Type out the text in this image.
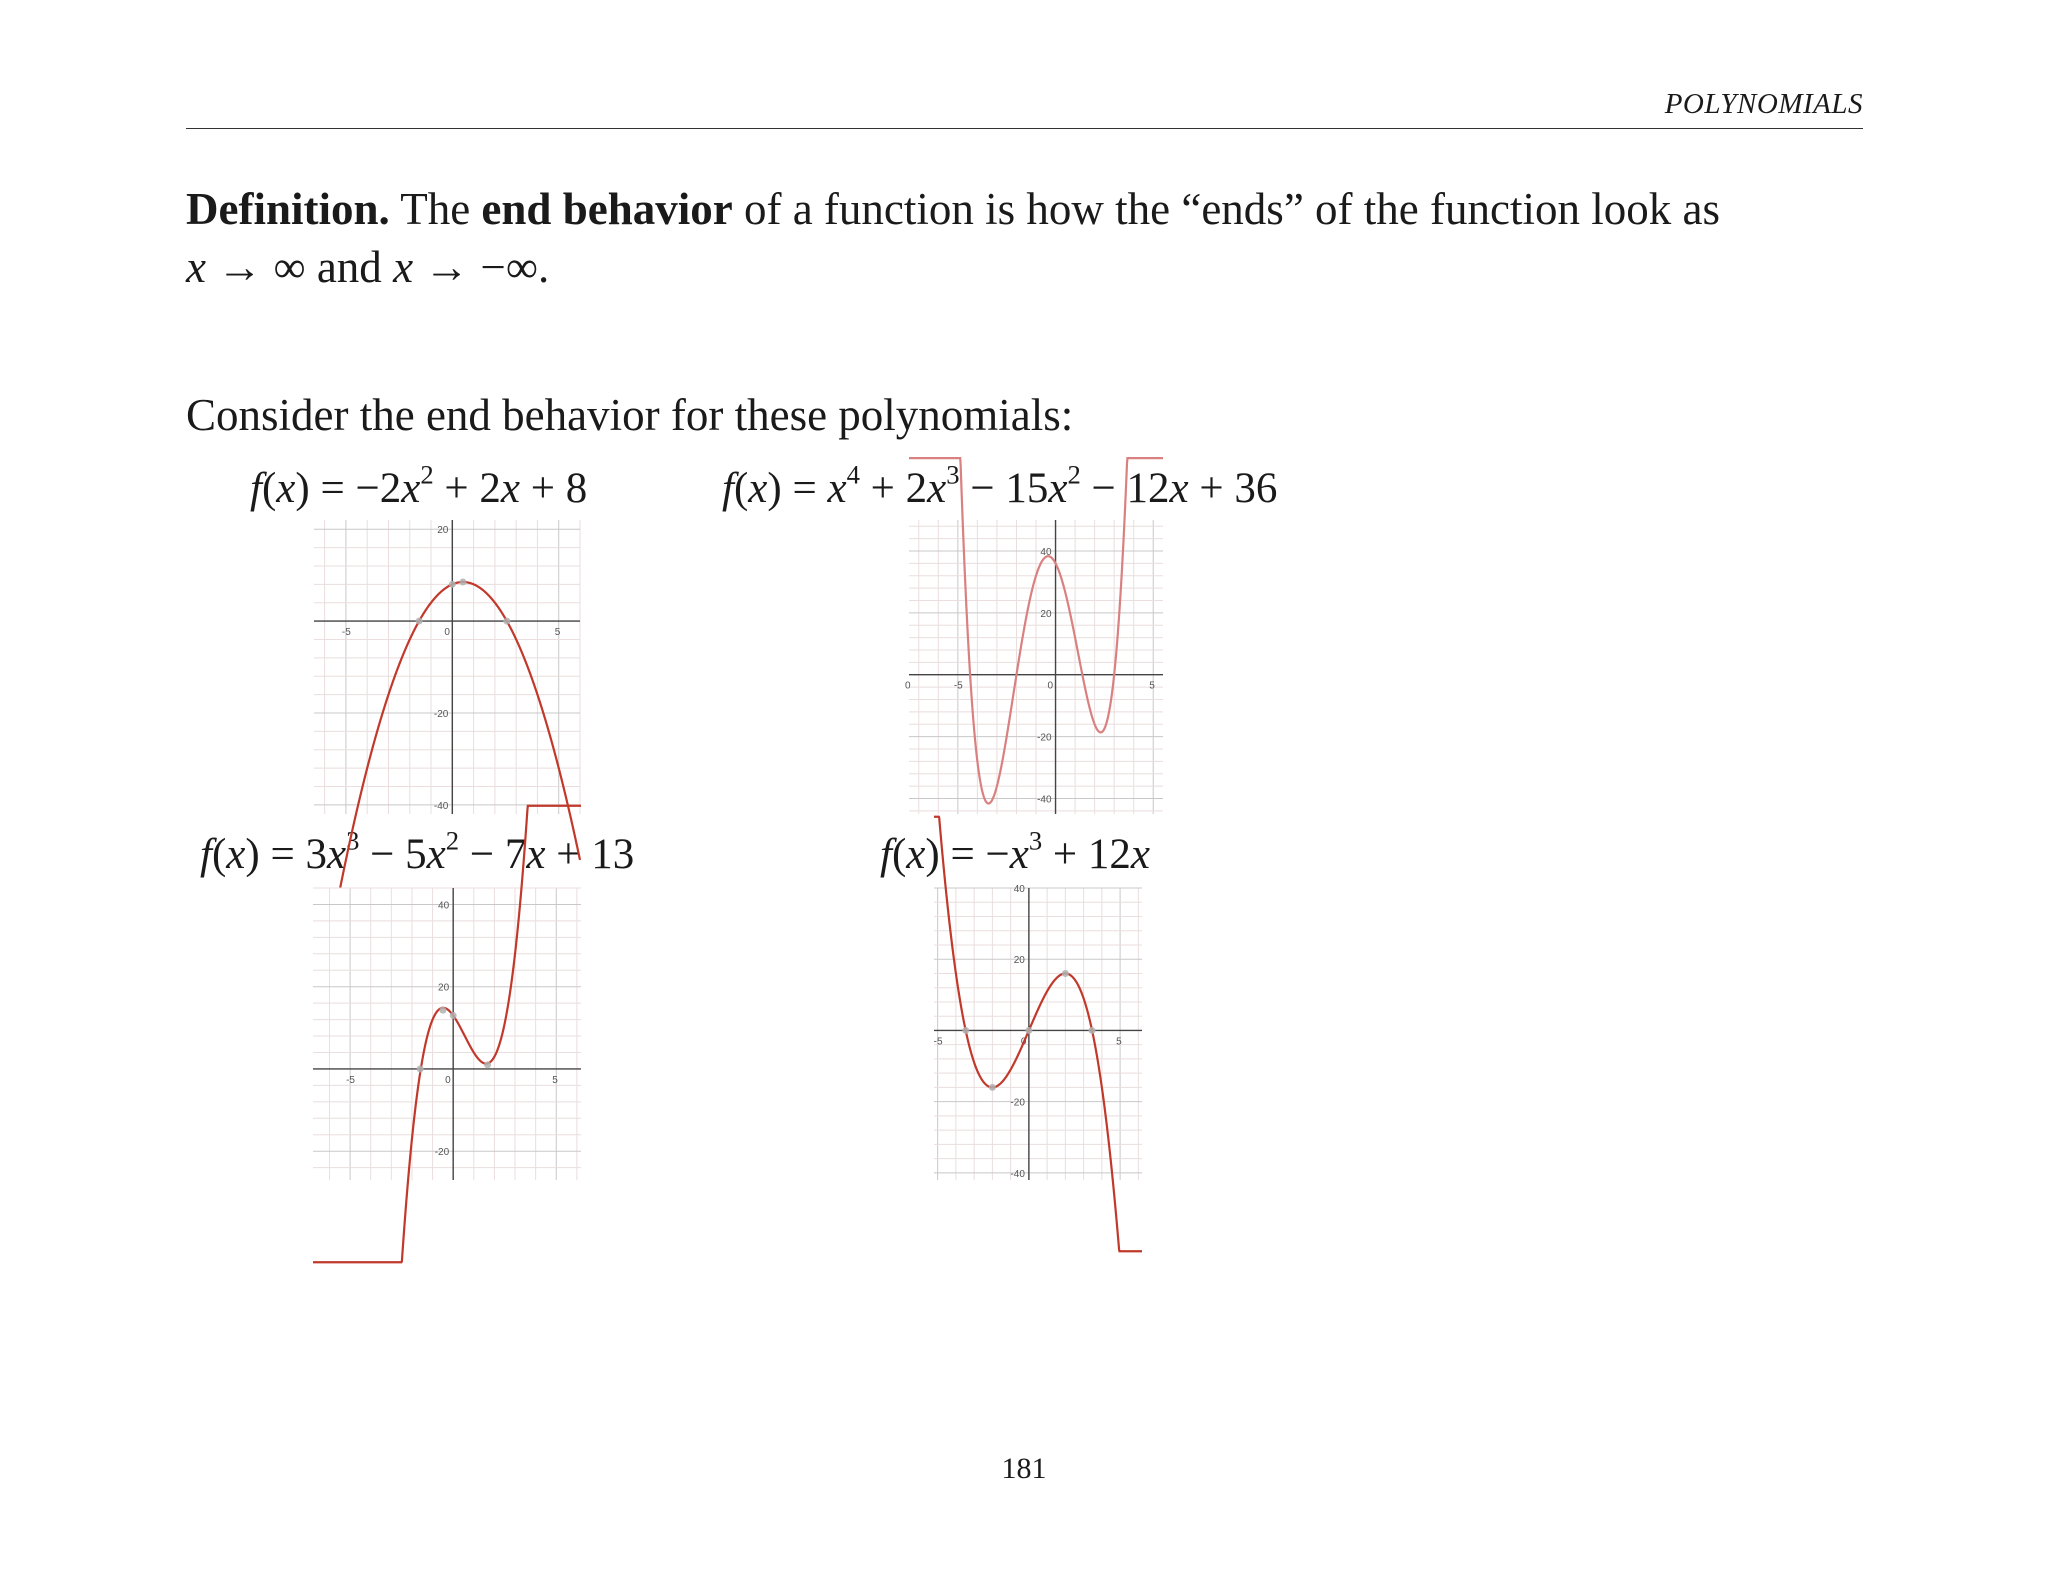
POLYNOMIALS
Definition. The end behavior of a function is how the “ends” of the function look as
x → ∞ and x → −∞.
Consider the end behavior for these polynomials:
$f(x) = -2x^2 + 2x + 8$	$f(x) = x^4 + 2x^3 - 15x^2 - 12x + 36$
$f(x) = 3x^3 - 5x^2 - 7x + 13$	$f(x) = -x^3 + 12x$
-5	0	5
20
-20
-40
0	-5	0	5
40
20
-20
-40
-5	0	5
40
20
-20
-5	0	5
40
20
-20
-40
181
